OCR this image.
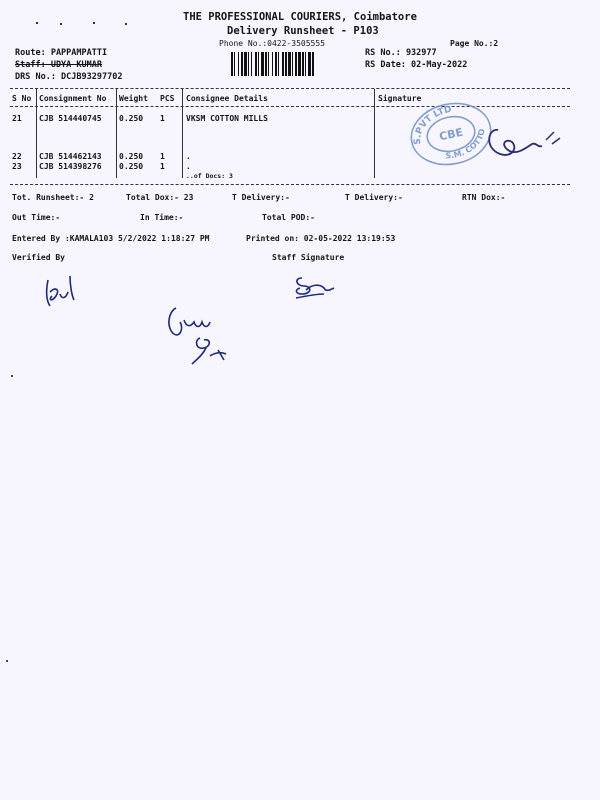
THE PROFESSIONAL COURIERS, Coimbatore
Delivery Runsheet - P103
Phone No.:0422-3505555	Page No.:2
Route: PAPPAMPATTI
Staff: UDYA KUMAR
DRS No.: DCJB93297702
RS No.: 932977
RS Date: 02-May-2022
S No Consignment No Weight PCS Consignee Details	Signature
21 CJB 514440745 0.250 1	VKSM COTTON MILLS
22 CJB 514462143 0.250 1	.
23 CJB 514398276 0.250 1	.
..of Docs: 3
S.PVT LTD
CBE
S.M. COTTON
Tot. Runsheet:- 2	Total Dox:- 23	T Delivery:-	T Delivery:-	RTN Dox:-
Out Time:-	In Time:-	Total POD:-
Entered By :KAMALA103 5/2/2022 1:18:27 PM	Printed on: 02-05-2022 13:19:53
Verified By	Staff Signature
